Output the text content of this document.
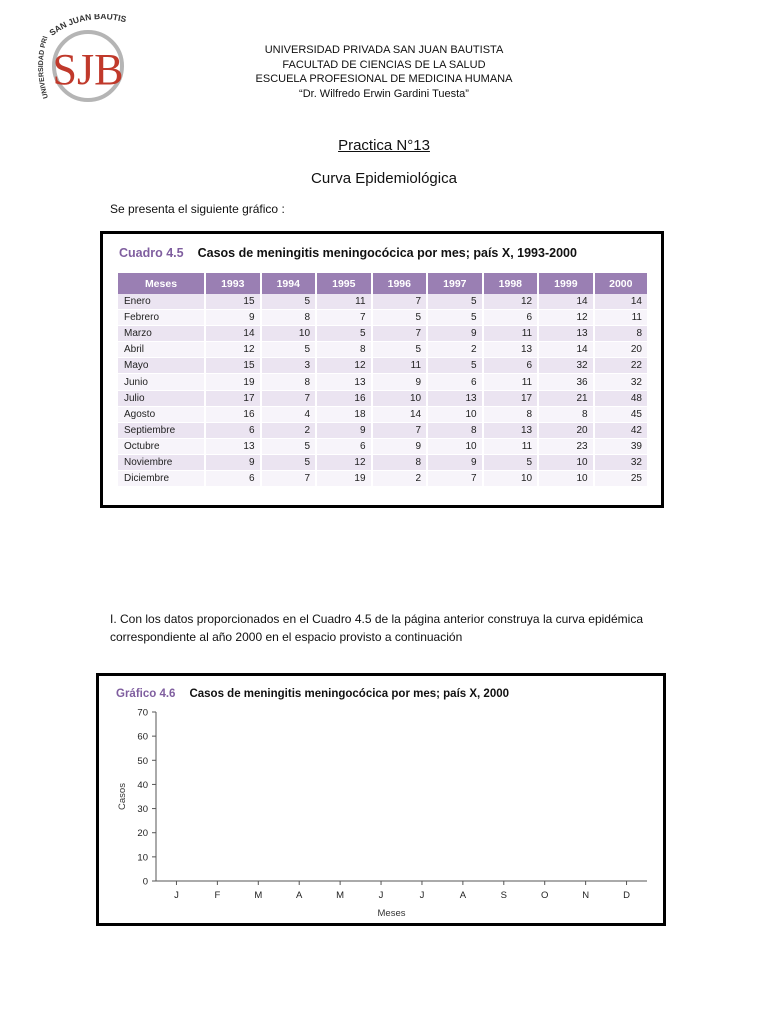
SAN JUAN BAUTIS
UNIVERSIDAD PRI
SJB	UNIVERSIDAD PRIVADA SAN JUAN BAUTISTA
FACULTAD DE CIENCIAS DE LA SALUD
ESCUELA PROFESIONAL DE MEDICINA HUMANA
“Dr. Wilfredo Erwin Gardini Tuesta”
Practica N°13
Curva Epidemiológica
Se presenta el siguiente gráfico :
Cuadro 4.5 Casos de meningitis meningocócica por mes; país X, 1993-2000
Meses	1993	1994	1995	1996	1997	1998	1999	2000
Enero	15	5	11	7	5	12	14	14
Febrero	9	8	7	5	5	6	12	11
Marzo	14	10	5	7	9	11	13	8
Abril	12	5	8	5	2	13	14	20
Mayo	15	3	12	11	5	6	32	22
Junio	19	8	13	9	6	11	36	32
Julio	17	7	16	10	13	17	21	48
Agosto	16	4	18	14	10	8	8	45
Septiembre	6	2	9	7	8	13	20	42
Octubre	13	5	6	9	10	11	23	39
Noviembre	9	5	12	8	9	5	10	32
Diciembre	6	7	19	2	7	10	10	25
I. Con los datos proporcionados en el Cuadro 4.5 de la página anterior construya la curva epidémica correspondiente al año 2000 en el espacio provisto a continuación
Gráfico 4.6 Casos de meningitis meningocócica por mes; país X, 2000
0
10
20
30
40
50
60
70
J	F	M	A	M	J	J	A	S	O	N	D
Meses
Casos
